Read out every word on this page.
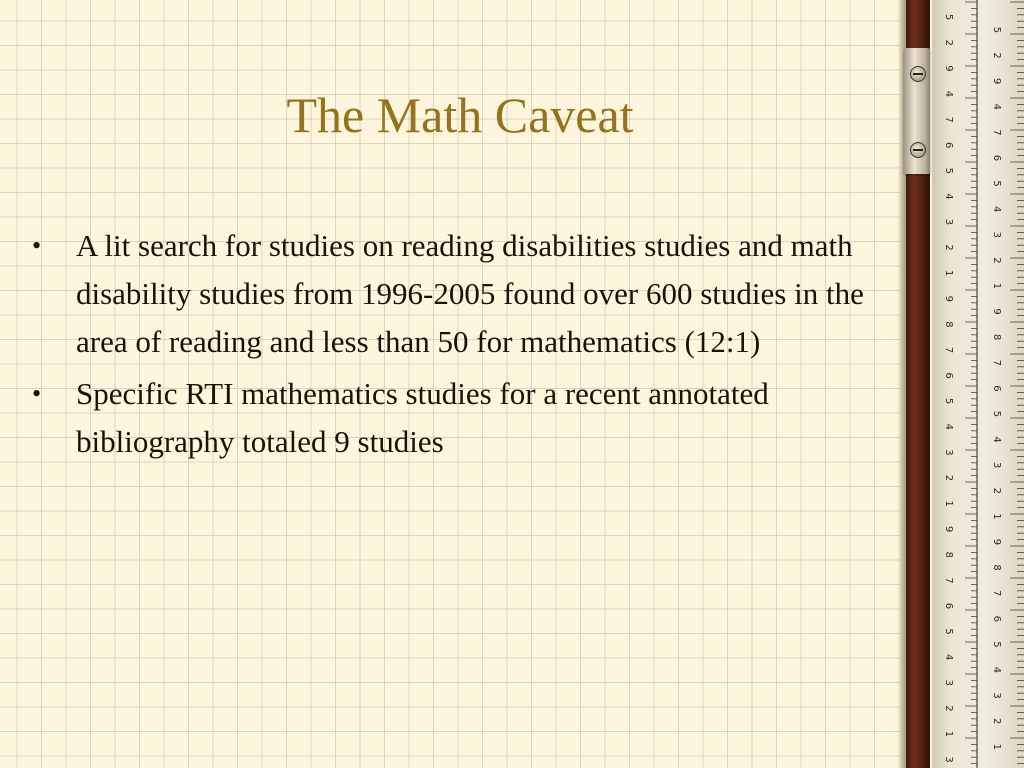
The Math Caveat
• A lit search for studies on reading disabilities studies and math disability studies from 1996-2005 found over 600 studies in the area of reading and less than 50 for mathematics (12:1)
• Specific RTI mathematics studies for a recent annotated bibliography totaled 9 studies
5
5
2
2
9
9
4
4
7
7
6
6
5
5
4
4
3
3
2
2
1
1
9
9
8
8
7
7
6
6
5
5
4
4
3
3
2
2
1
1
9
9
8
8
7
7
6
6
5
5
4
4
3
3
2
2
1
1
3
